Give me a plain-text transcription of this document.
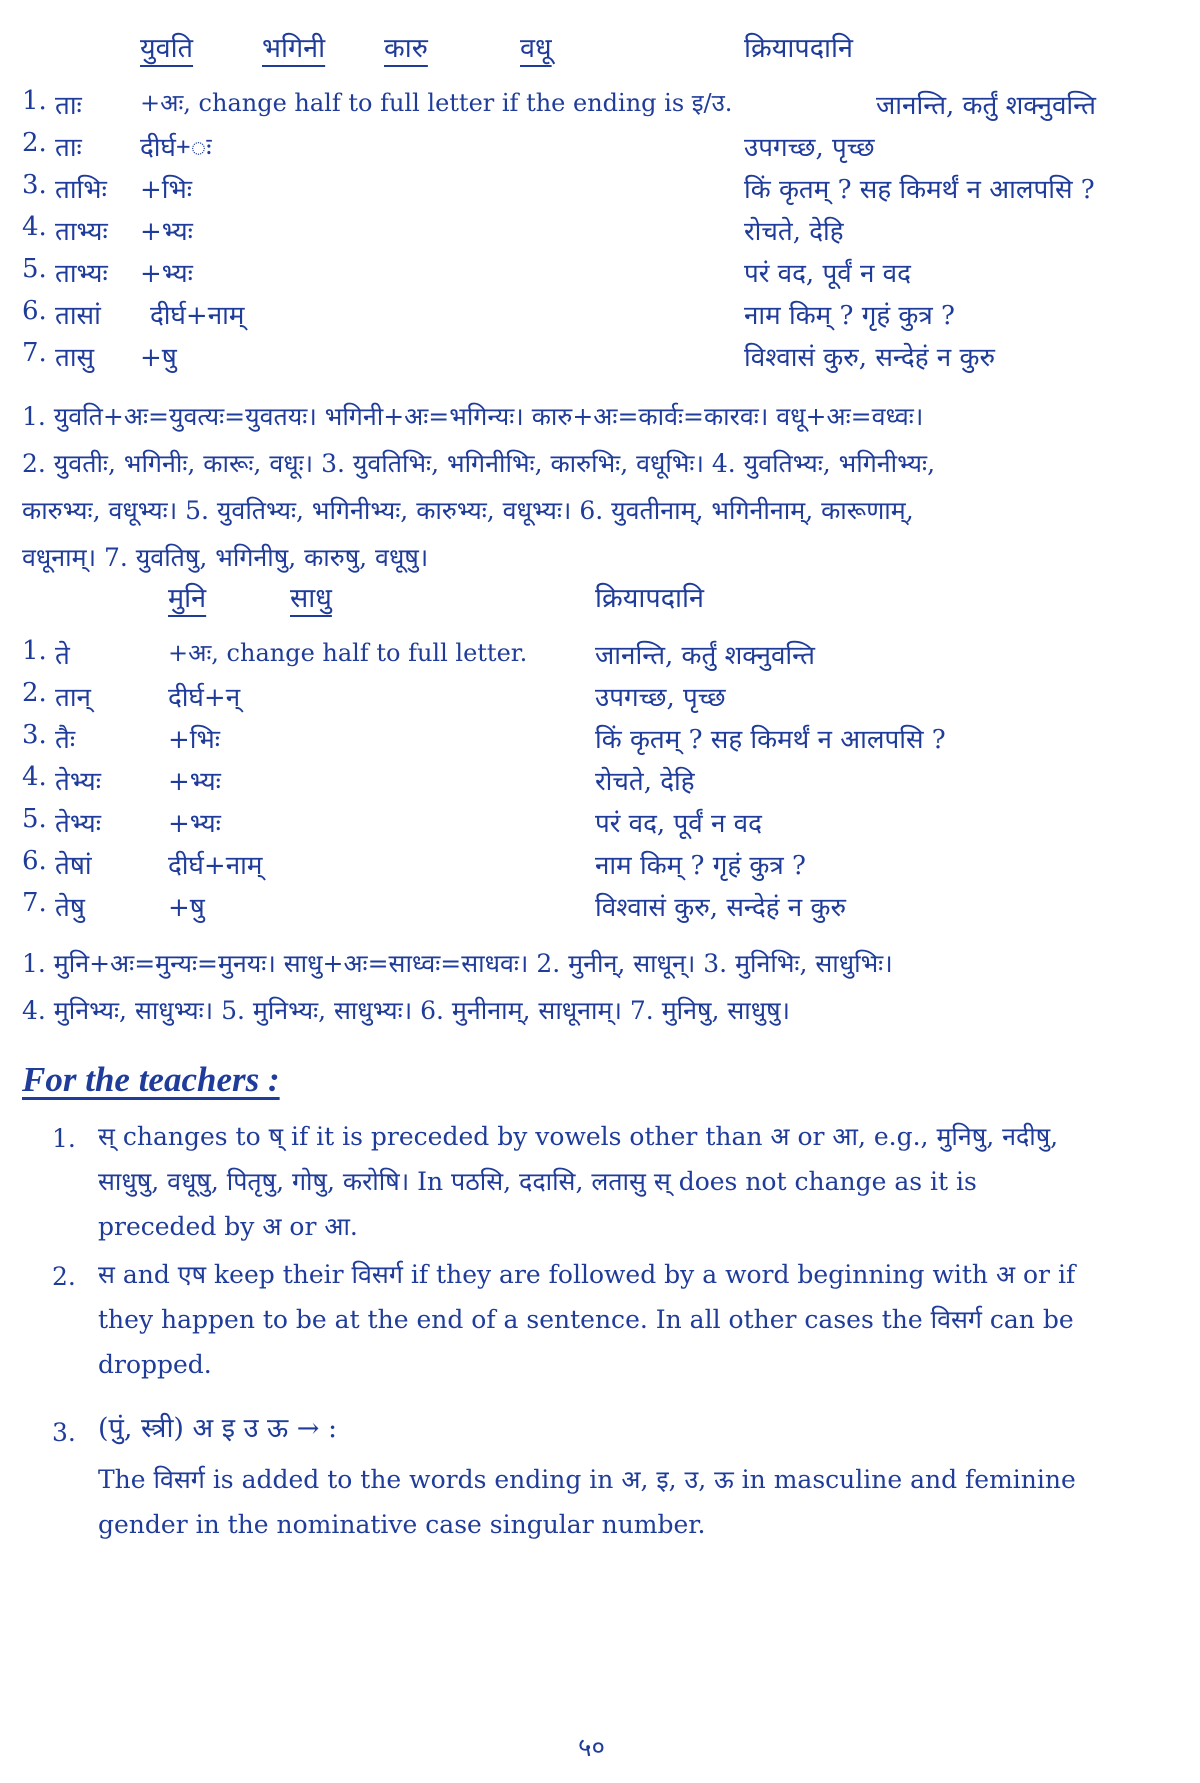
युवति	भगिनी कारु	वधू	क्रियापदानि
1. ताः +अः, change half to full letter if the ending is इ/उ.	जानन्ति, कर्तुं शक्नुवन्ति
2. ताः दीर्घ+ः	उपगच्छ, पृच्छ
3. ताभिः +भिः	किं कृतम् ? सह किमर्थं न आलपसि ?
4. ताभ्यः +भ्यः	रोचते, देहि
5. ताभ्यः +भ्यः	परं वद, पूर्वं न वद
6. तासां दीर्घ+नाम्	नाम किम् ? गृहं कुत्र ?
7. तासु +षु	विश्वासं कुरु, सन्देहं न कुरु
1. युवति+अः=युवत्यः=युवतयः। भगिनी+अः=भगिन्यः। कारु+अः=कार्वः=कारवः। वधू+अः=वध्वः।
2. युवतीः, भगिनीः, कारूः, वधूः। 3. युवतिभिः, भगिनीभिः, कारुभिः, वधूभिः। 4. युवतिभ्यः, भगिनीभ्यः,
कारुभ्यः, वधूभ्यः। 5. युवतिभ्यः, भगिनीभ्यः, कारुभ्यः, वधूभ्यः। 6. युवतीनाम्, भगिनीनाम्, कारूणाम्,
वधूनाम्। 7. युवतिषु, भगिनीषु, कारुषु, वधूषु।
मुनि	साधु	क्रियापदानि
1. ते	+अः, change half to full letter.	जानन्ति, कर्तुं शक्नुवन्ति
2. तान्	दीर्घ+न्	उपगच्छ, पृच्छ
3. तैः	+भिः	किं कृतम् ? सह किमर्थं न आलपसि ?
4. तेभ्यः	+भ्यः	रोचते, देहि
5. तेभ्यः	+भ्यः	परं वद, पूर्वं न वद
6. तेषां	दीर्घ+नाम्	नाम किम् ? गृहं कुत्र ?
7. तेषु	+षु	विश्वासं कुरु, सन्देहं न कुरु
1. मुनि+अः=मुन्यः=मुनयः। साधु+अः=साध्वः=साधवः। 2. मुनीन्, साधून्। 3. मुनिभिः, साधुभिः।
4. मुनिभ्यः, साधुभ्यः। 5. मुनिभ्यः, साधुभ्यः। 6. मुनीनाम्, साधूनाम्। 7. मुनिषु, साधुषु।
For the teachers :
1. स् changes to ष् if it is preceded by vowels other than अ or आ, e.g., मुनिषु, नदीषु,
साधुषु, वधूषु, पितृषु, गोषु, करोषि। In पठसि, ददासि, लतासु स् does not change as it is
preceded by अ or आ.
2. स and एष keep their विसर्ग if they are followed by a word beginning with अ or if
they happen to be at the end of a sentence. In all other cases the विसर्ग can be
dropped.
3. (पुं, स्त्री) अ इ उ ऊ → :
The विसर्ग is added to the words ending in अ, इ, उ, ऊ in masculine and feminine
gender in the nominative case singular number.
५०
